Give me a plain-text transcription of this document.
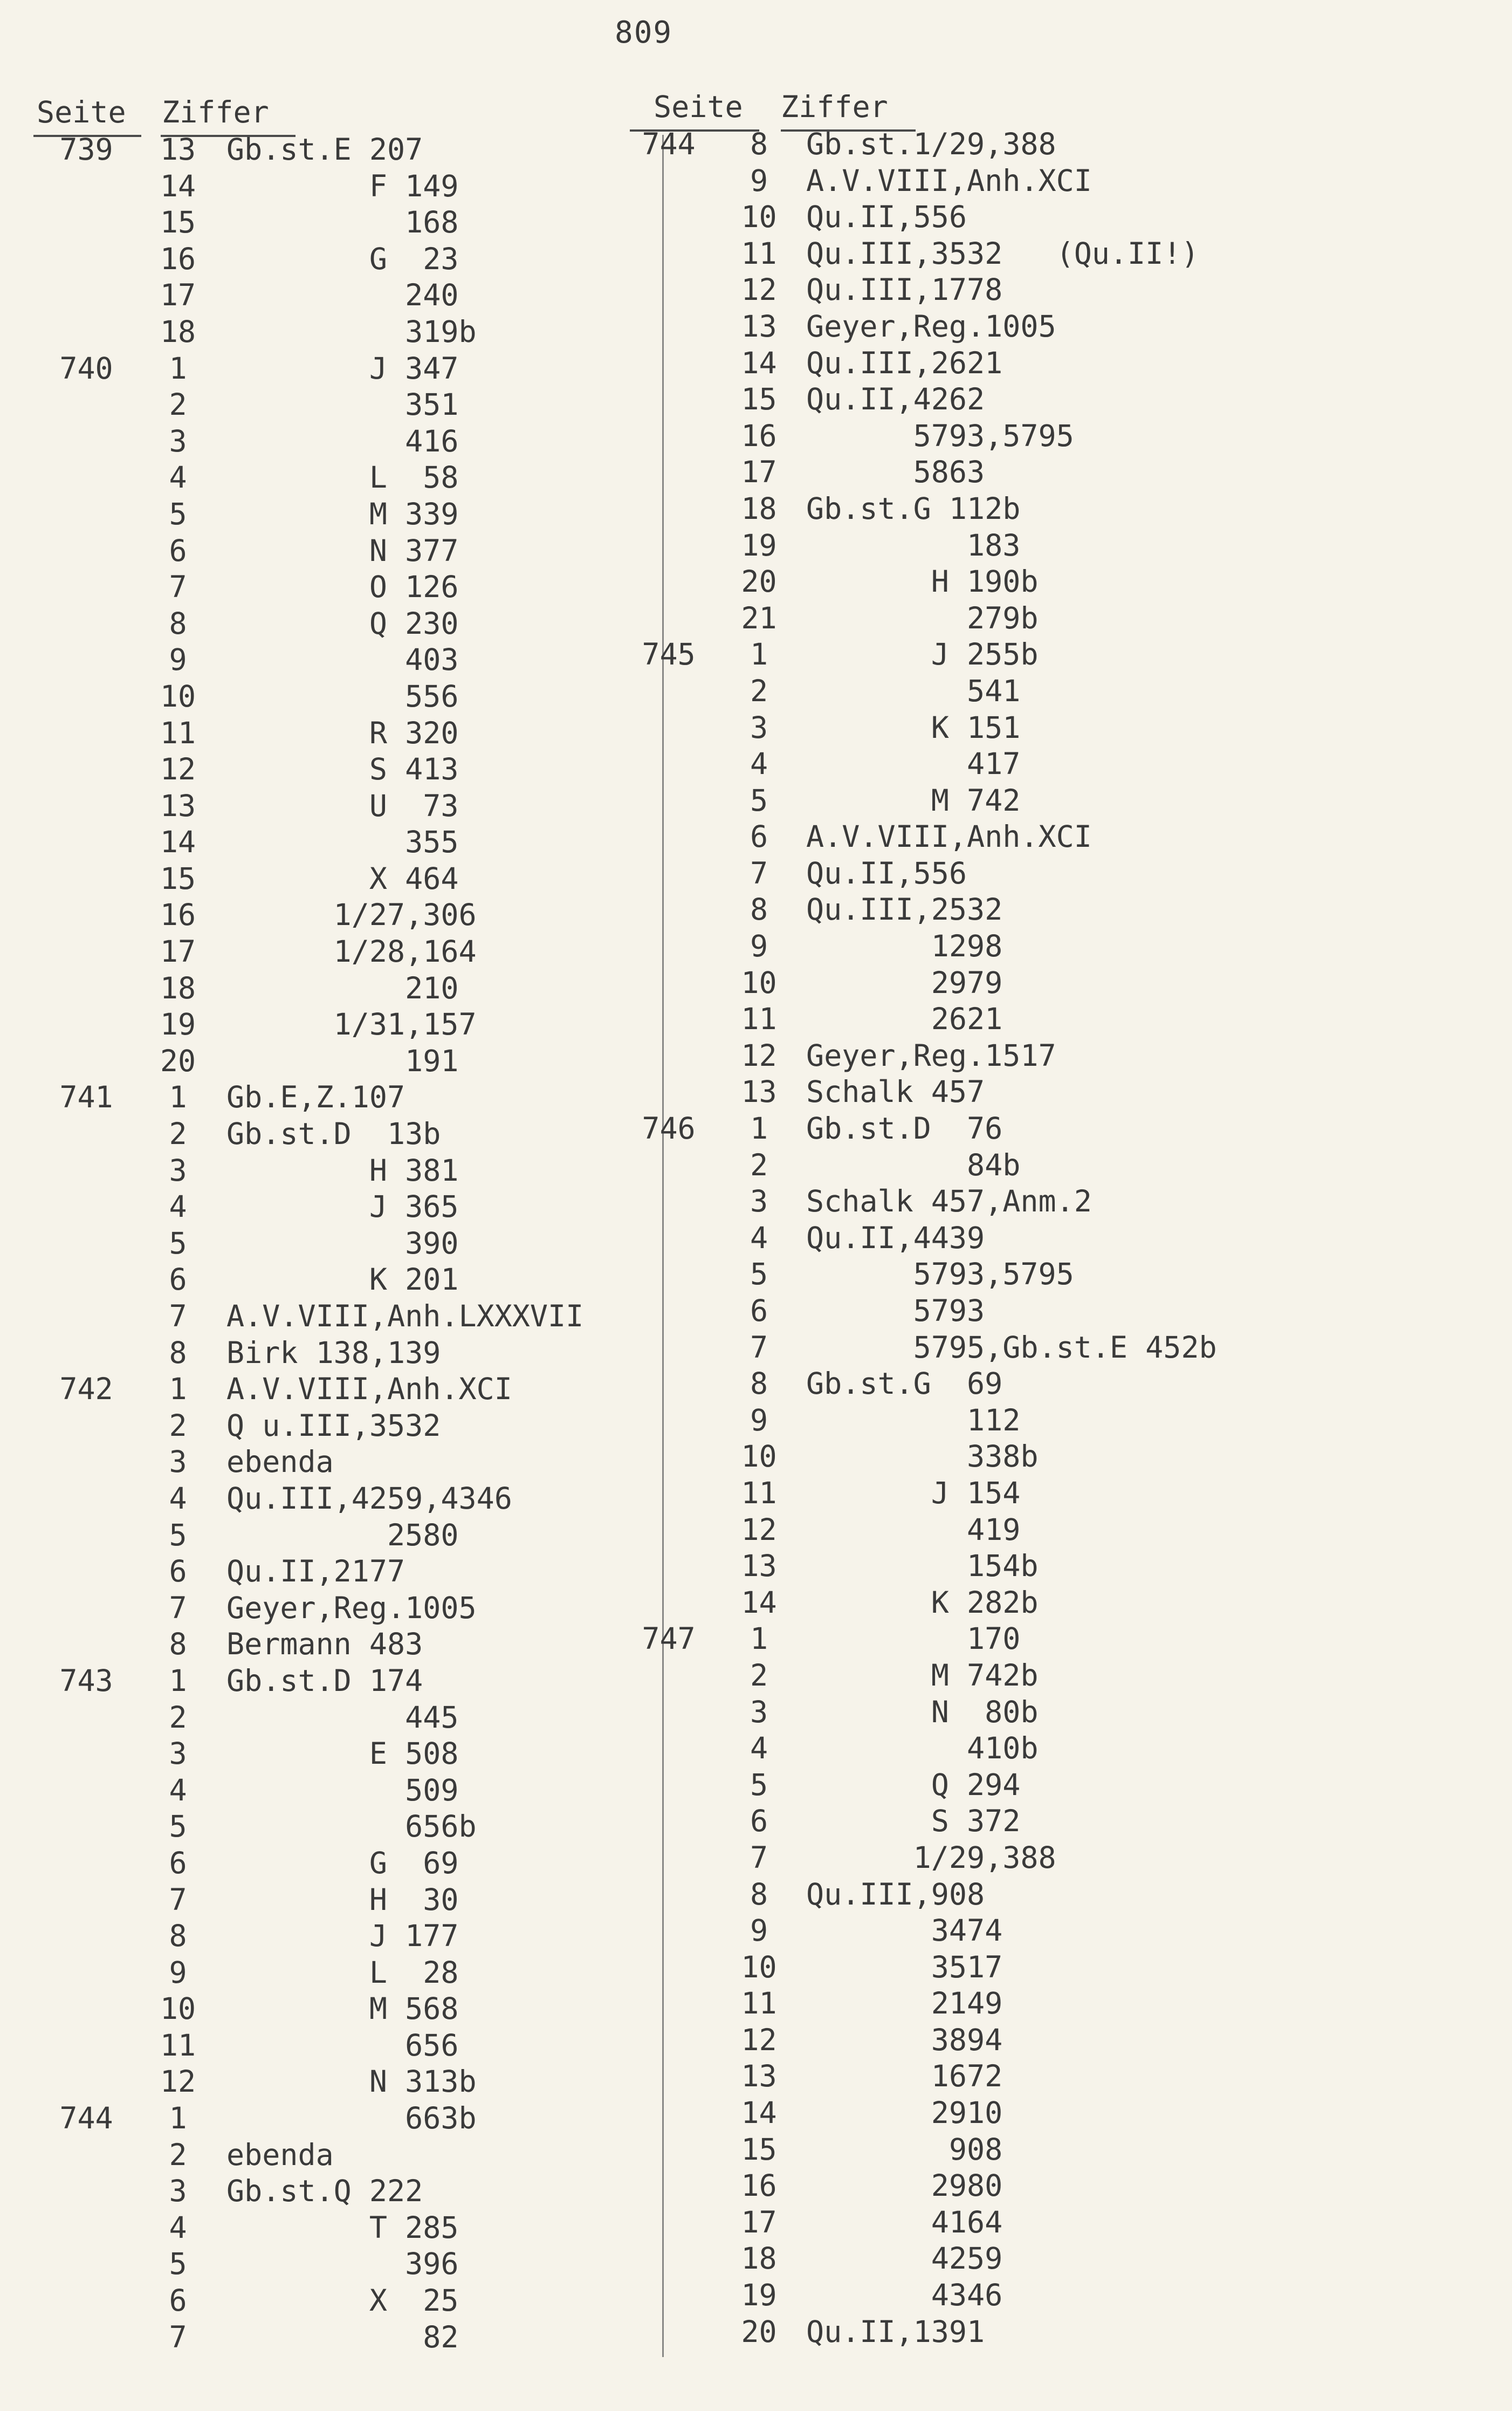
809
Seite Ziffer	Seite Ziffer
739	13	Gb.st.E 207
14	F 149
15	168
16	G  23
17	240
18	319b
740	1	J 347
2	351
3	416
4	L  58
5	M 339
6	N 377
7	O 126
8	Q 230
9	403
10	556
11	R 320
12	S 413
13	U  73
14	355
15	X 464
16	1/27,306
17	1/28,164
18	210
19	1/31,157
20	191
741	1	Gb.E,Z.107
2	Gb.st.D  13b
3	H 381
4	J 365
5	390
6	K 201
7	A.V.VIII,Anh.LXXXVII
8	Birk 138,139
742	1	A.V.VIII,Anh.XCI
2	Q u.III,3532
3	ebenda
4	Qu.III,4259,4346
5	2580
6	Qu.II,2177
7	Geyer,Reg.1005
8	Bermann 483
743	1	Gb.st.D 174
2	445
3	E 508
4	509
5	656b
6	G  69
7	H  30
8	J 177
9	L  28
10	M 568
11	656
12	N 313b
744	1	663b
2	ebenda
3	Gb.st.Q 222
4	T 285
5	396
6	X  25
7	82
744	8	Gb.st.1/29,388
9	A.V.VIII,Anh.XCI
10 Qu.II,556
11 Qu.III,3532   (Qu.II!)
12 Qu.III,1778
13 Geyer,Reg.1005
14 Qu.III,2621
15 Qu.II,4262
16 5793,5795
17 5863
18 Gb.st.G 112b
19 183
20 H 190b
21 279b
745	1	J 255b
2	541
3	K 151
4	417
5	M 742
6	A.V.VIII,Anh.XCI
7	Qu.II,556
8	Qu.III,2532
9	1298
10 2979
11 2621
12 Geyer,Reg.1517
13 Schalk 457
746	1	Gb.st.D  76
2	84b
3	Schalk 457,Anm.2
4	Qu.II,4439
5	5793,5795
6	5793
7	5795,Gb.st.E 452b
8	Gb.st.G  69
9	112
10 338b
11 J 154
12 419
13 154b
14 K 282b
747	1	170
2	M 742b
3	N  80b
4	410b
5	Q 294
6	S 372
7	1/29,388
8	Qu.III,908
9	3474
10 3517
11 2149
12 3894
13 1672
14 2910
15 908
16 2980
17 4164
18 4259
19 4346
20 Qu.II,1391
